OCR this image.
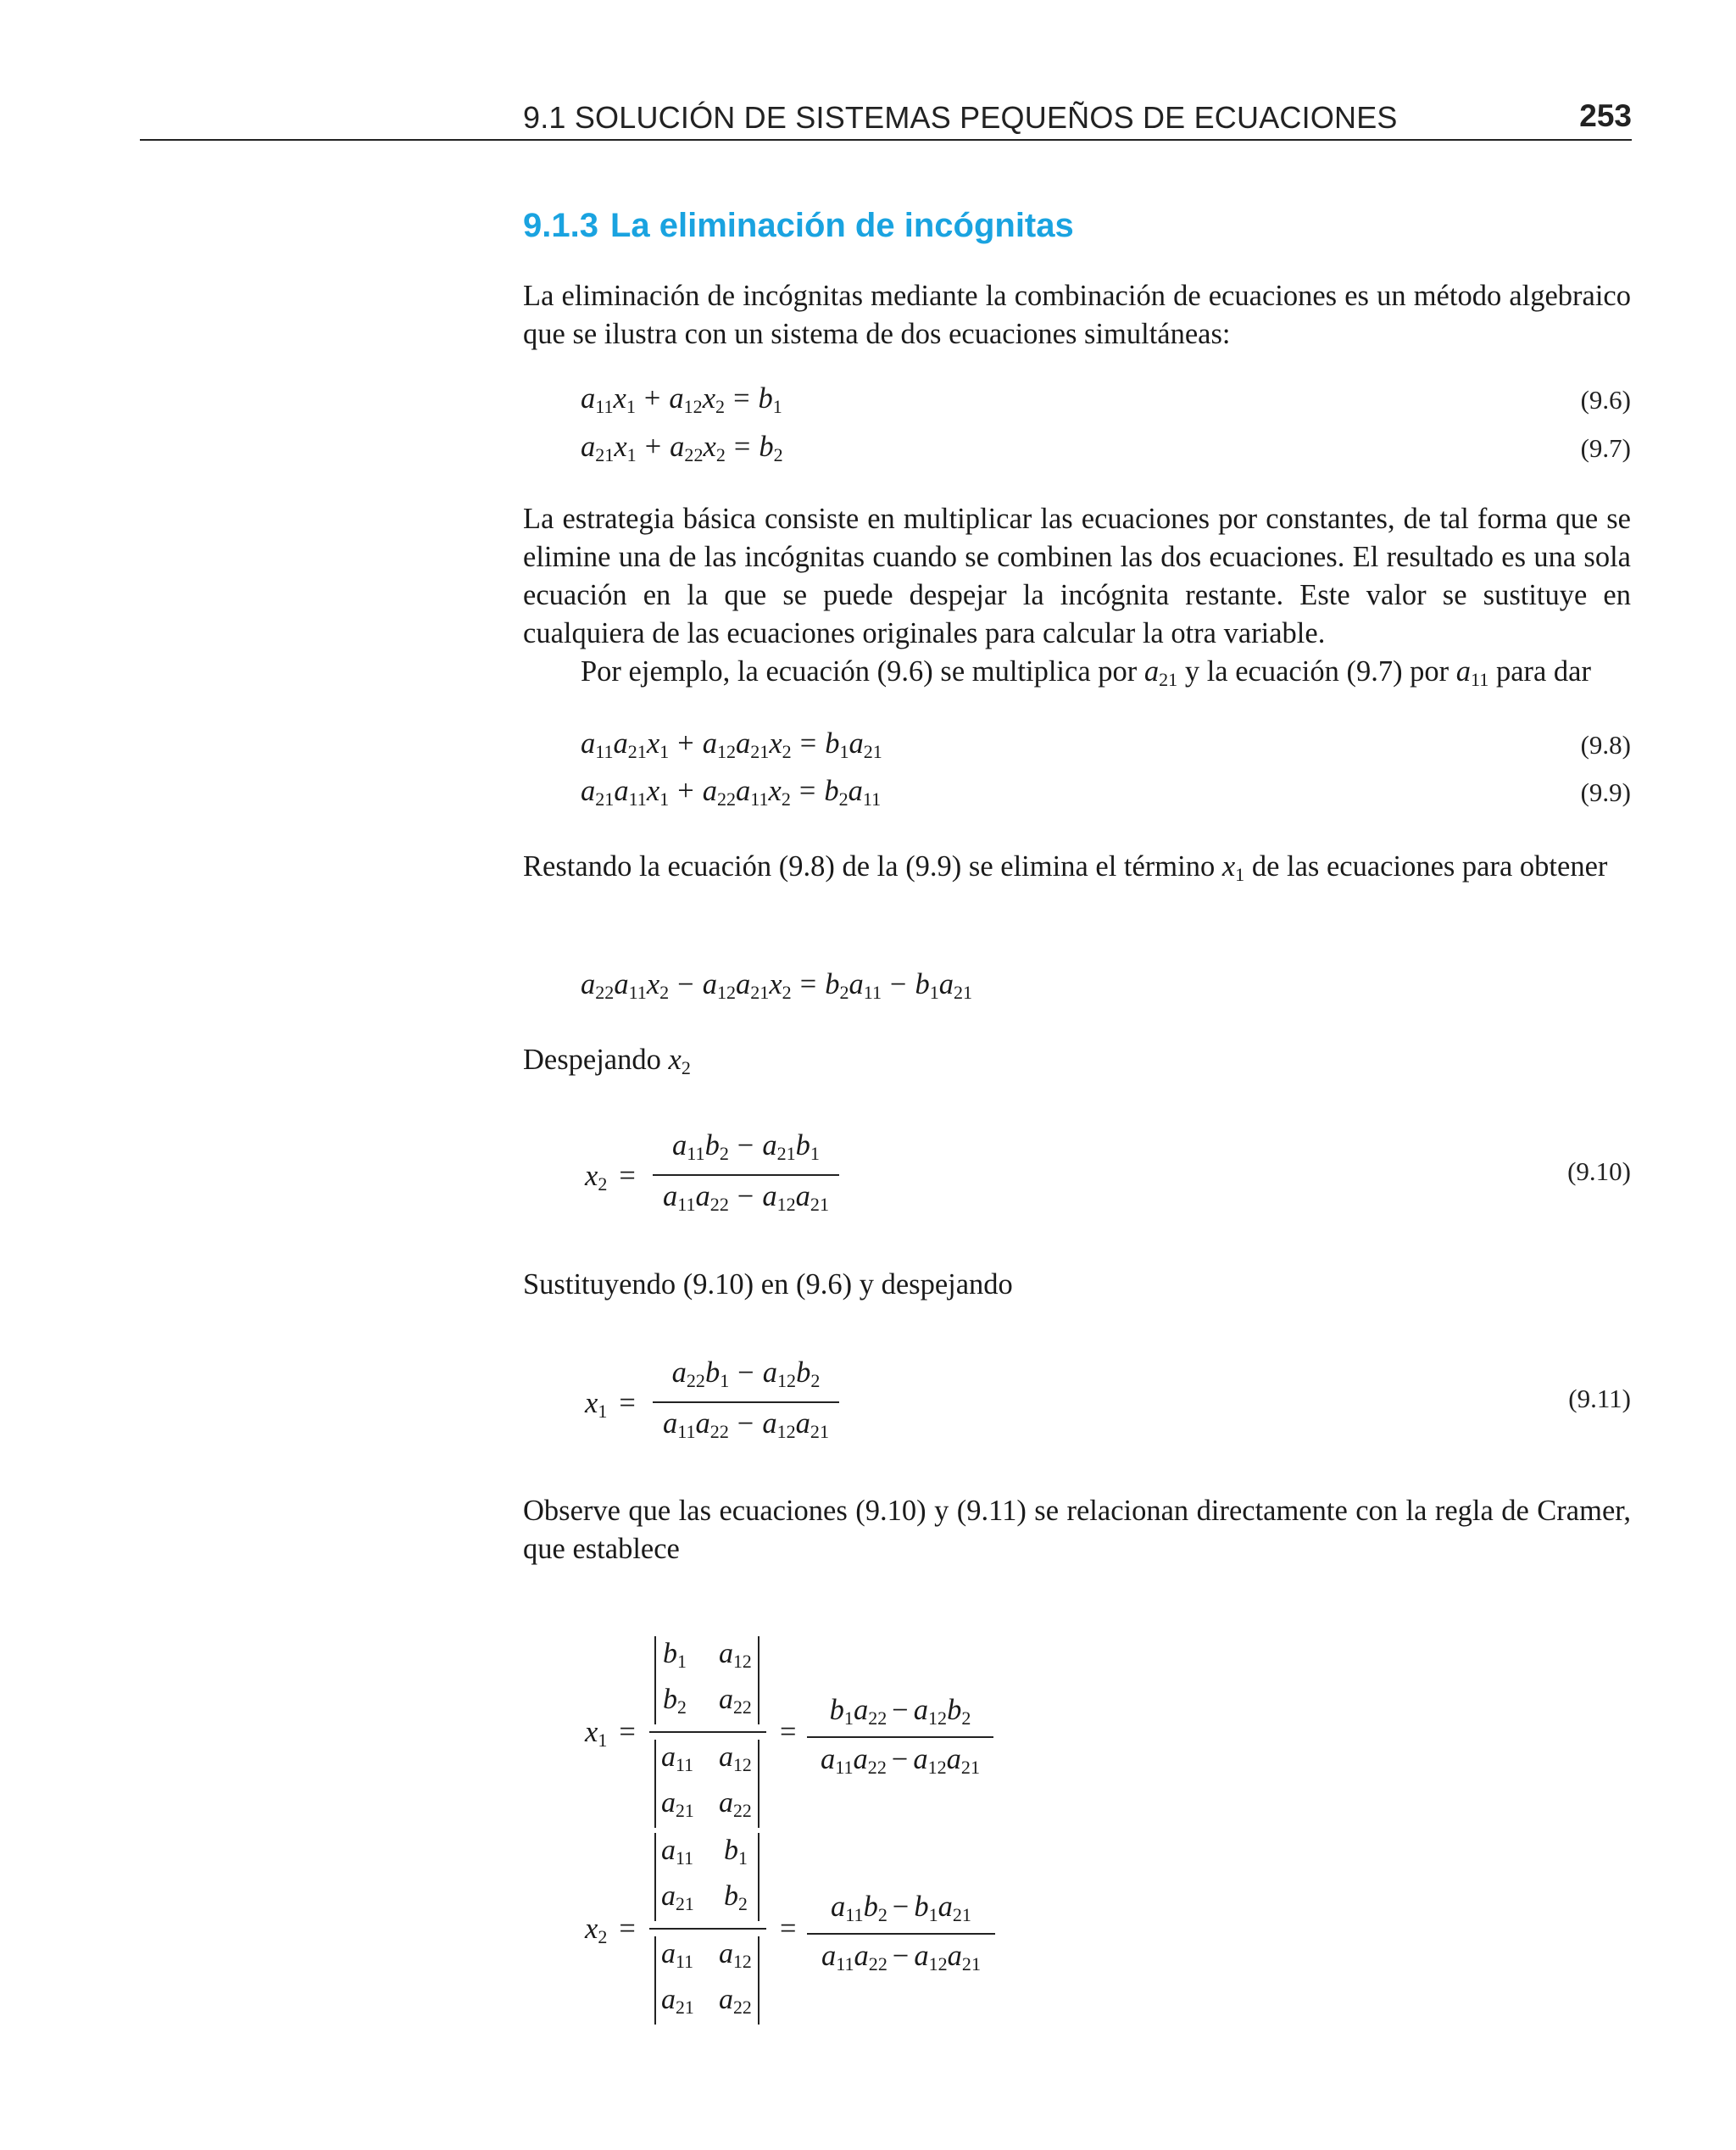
9.1 SOLUCIÓN DE SISTEMAS PEQUEÑOS DE ECUACIONES	253
9.1.3 La eliminación de incógnitas
La eliminación de incógnitas mediante la combinación de ecuaciones es un método algebraico que se ilustra con un sistema de dos ecuaciones simultáneas:
$a_{11}x_1 + a_{12}x_2 = b_1$	(9.6)
$a_{21}x_1 + a_{22}x_2 = b_2$	(9.7)
La estrategia básica consiste en multiplicar las ecuaciones por constantes, de tal forma que se elimine una de las incógnitas cuando se combinen las dos ecuaciones. El resultado es una sola ecuación en la que se puede despejar la incógnita restante. Este valor se sustituye en cualquiera de las ecuaciones originales para calcular la otra variable.
Por ejemplo, la ecuación (9.6) se multiplica por $a_{21}$ y la ecuación (9.7) por $a_{11}$ para dar
$a_{11}a_{21}x_1 + a_{12}a_{21}x_2 = b_1a_{21}$	(9.8)
$a_{21}a_{11}x_1 + a_{22}a_{11}x_2 = b_2a_{11}$	(9.9)
Restando la ecuación (9.8) de la (9.9) se elimina el término $x_1$ de las ecuaciones para obtener
$a_{22}a_{11}x_2 - a_{12}a_{21}x_2 = b_2a_{11} - b_1a_{21}$
Despejando $x_2$
$x_2$ =
$a_{11}b_2 - a_{21}b_1$
$a_{11}a_{22} - a_{12}a_{21}$
(9.10)
Sustituyendo (9.10) en (9.6) y despejando
$x_1$ =
$a_{22}b_1 - a_{12}b_2$
$a_{11}a_{22} - a_{12}a_{21}$
(9.11)
Observe que las ecuaciones (9.10) y (9.11) se relacionan directamente con la regla de Cramer, que establece
$x_1$ =
$b_1$ $a_{12}$
$b_2$ $a_{22}$
$a_{11}$ $a_{12}$
$a_{21}$ $a_{22}$
=
$b_1a_{22} - a_{12}b_2$
$a_{11}a_{22} - a_{12}a_{21}$
$x_2$ =
$a_{11}$ $b_1$
$a_{21}$ $b_2$
$a_{11}$ $a_{12}$
$a_{21}$ $a_{22}$
=
$a_{11}b_2 - b_1a_{21}$
$a_{11}a_{22} - a_{12}a_{21}$
